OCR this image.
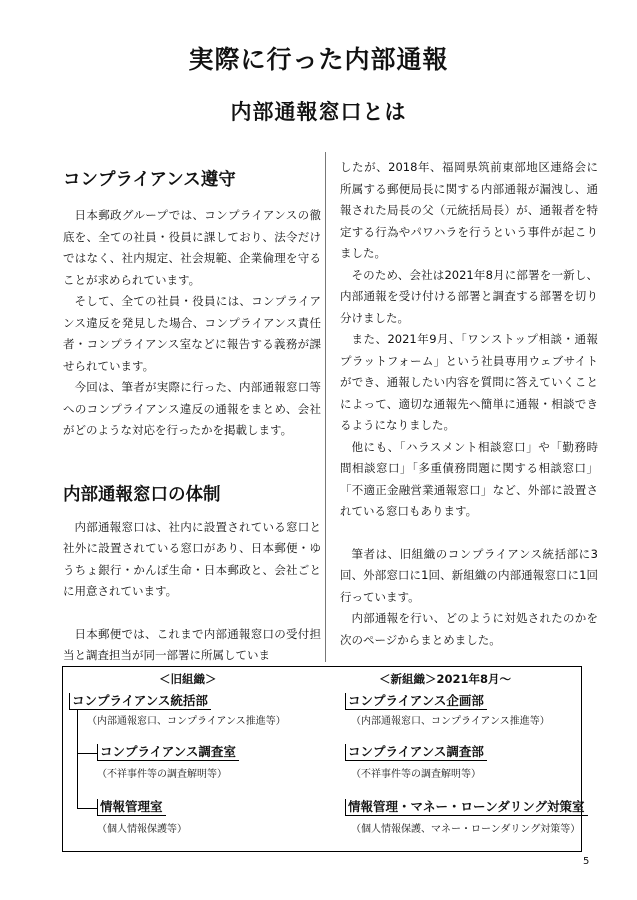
実際に行った内部通報
内部通報窓口とは
コンプライアンス遵守

日本郵政グループでは、コンプライアンスの徹底を、全ての社員・役員に課しており、法令だけではなく、社内規定、社会規範、企業倫理を守ることが求められています。

そして、全ての社員・役員には、コンプライアンス違反を発見した場合、コンプライアンス責任者・コンプライアンス室などに報告する義務が課せられています。

今回は、筆者が実際に行った、内部通報窓口等へのコンプライアンス違反の通報をまとめ、会社がどのような対応を行ったかを掲載します。

内部通報窓口の体制

内部通報窓口は、社内に設置されている窓口と社外に設置されている窓口があり、日本郵便・ゆうちょ銀行・かんぽ生命・日本郵政と、会社ごとに用意されています。

日本郵便では、これまで内部通報窓口の受付担当と調査担当が同一部署に所属していま

したが、2018年、福岡県筑前東部地区連絡会に所属する郵便局長に関する内部通報が漏洩し、通報された局長の父（元統括局長）が、通報者を特定する行為やパワハラを行うという事件が起こりました。

そのため、会社は2021年8月に部署を一新し、内部通報を受け付ける部署と調査する部署を切り分けました。

また、2021年9月、「ワンストップ相談・通報プラットフォーム」という社員専用ウェブサイトができ、通報したい内容を質問に答えていくことによって、適切な通報先へ簡単に通報・相談できるようになりました。

他にも、「ハラスメント相談窓口」や「勤務時間相談窓口」「多重債務問題に関する相談窓口」「不適正金融営業通報窓口」など、外部に設置されている窓口もあります。

筆者は、旧組織のコンプライアンス統括部に3回、外部窓口に1回、新組織の内部通報窓口に1回行っています。

内部通報を行い、どのように対処されたのかを次のページからまとめました。

＜旧組織＞	＜新組織＞2021年8月～
コンプライアンス統括部
（内部通報窓口、コンプライアンス推進等）
コンプライアンス調査室
（不祥事件等の調査解明等）
情報管理室
（個人情報保護等）
コンプライアンス企画部
（内部通報窓口、コンプライアンス推進等）
コンプライアンス調査部
（不祥事件等の調査解明等）
情報管理・マネー・ローンダリング対策室
（個人情報保護、マネー・ローンダリング対策等）
5
